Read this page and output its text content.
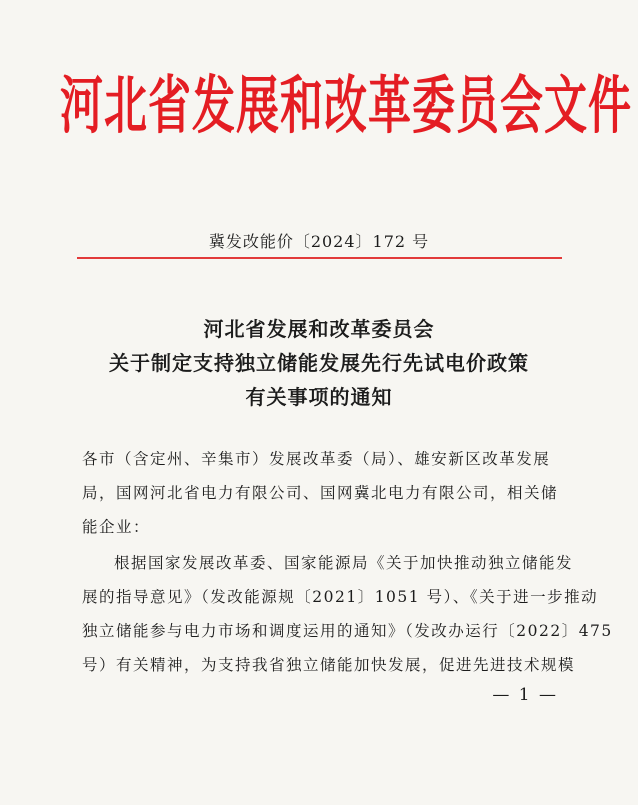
河北省发展和改革委员会文件
冀发改能价〔2024〕172 号
河北省发展和改革委员会
关于制定支持独立储能发展先行先试电价政策
有关事项的通知
各市（含定州、辛集市）发展改革委（局）、雄安新区改革发展
局，国网河北省电力有限公司、国网冀北电力有限公司，相关储
能企业：
根据国家发展改革委、国家能源局《关于加快推动独立储能发
展的指导意见》（发改能源规〔2021〕1051 号）、《关于进一步推动
独立储能参与电力市场和调度运用的通知》（发改办运行〔2022〕475
号）有关精神，为支持我省独立储能加快发展，促进先进技术规模
— 1 —
